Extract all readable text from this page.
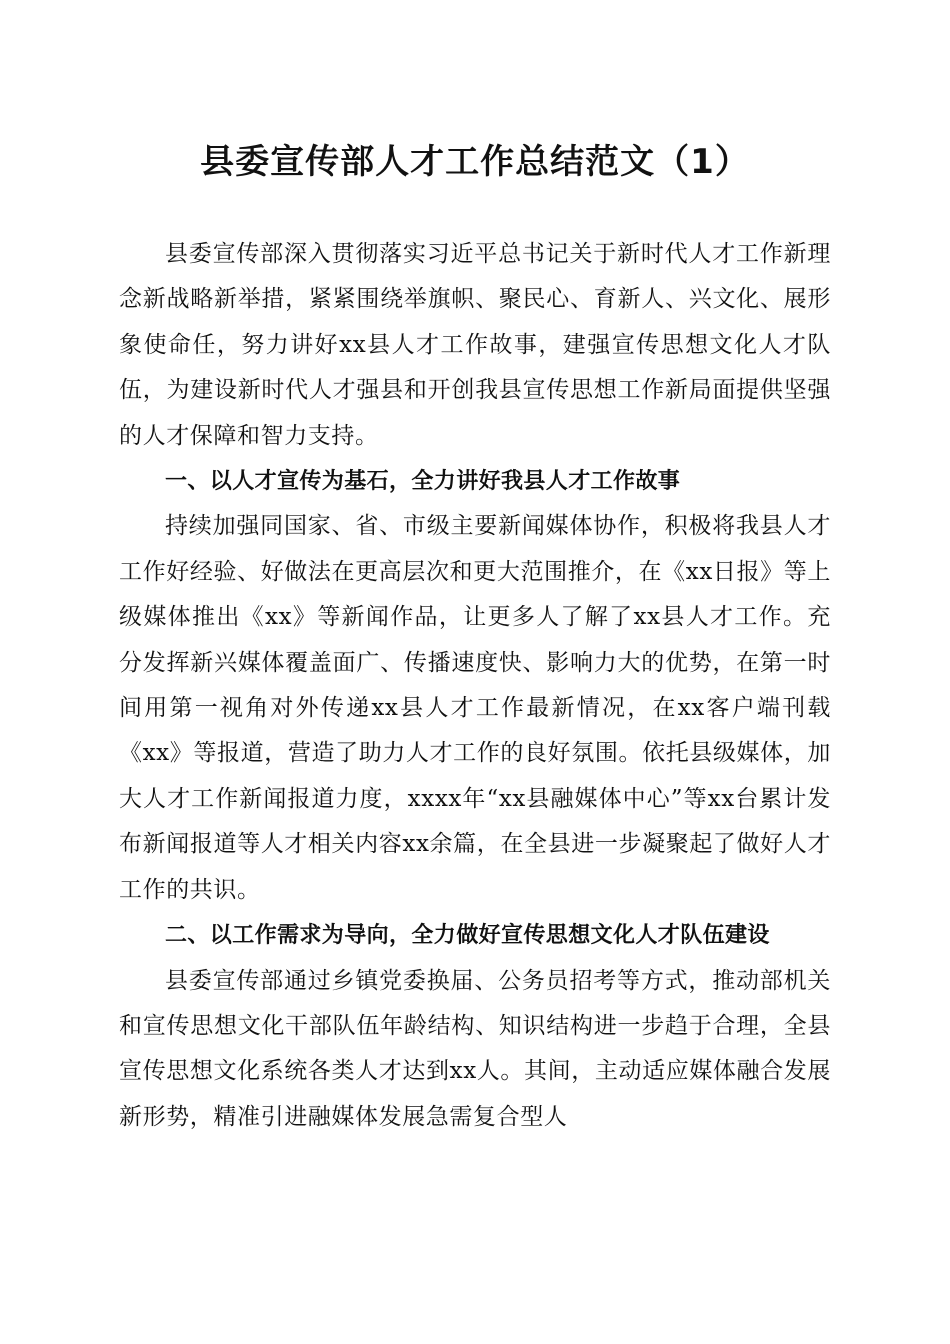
县委宣传部人才工作总结范文（1）

县委宣传部深入贯彻落实习近平总书记关于新时代人才工作新理念新战略新举措，紧紧围绕举旗帜、聚民心、育新人、兴文化、展形象使命任，努力讲好xx县人才工作故事，建强宣传思想文化人才队伍，为建设新时代人才强县和开创我县宣传思想工作新局面提供坚强的人才保障和智力支持。

一、以人才宣传为基石，全力讲好我县人才工作故事

持续加强同国家、省、市级主要新闻媒体协作，积极将我县人才工作好经验、好做法在更高层次和更大范围推介，在《xx日报》等上级媒体推出《xx》等新闻作品，让更多人了解了xx县人才工作。充分发挥新兴媒体覆盖面广、传播速度快、影响力大的优势，在第一时间用第一视角对外传递xx县人才工作最新情况，在xx客户端刊载《xx》等报道，营造了助力人才工作的良好氛围。依托县级媒体，加大人才工作新闻报道力度，xxxx年“xx县融媒体中心”等xx台累计发布新闻报道等人才相关内容xx余篇，在全县进一步凝聚起了做好人才工作的共识。

二、以工作需求为导向，全力做好宣传思想文化人才队伍建设

县委宣传部通过乡镇党委换届、公务员招考等方式，推动部机关和宣传思想文化干部队伍年龄结构、知识结构进一步趋于合理，全县宣传思想文化系统各类人才达到xx人。其间，主动适应媒体融合发展新形势，精准引进融媒体发展急需复合型人
